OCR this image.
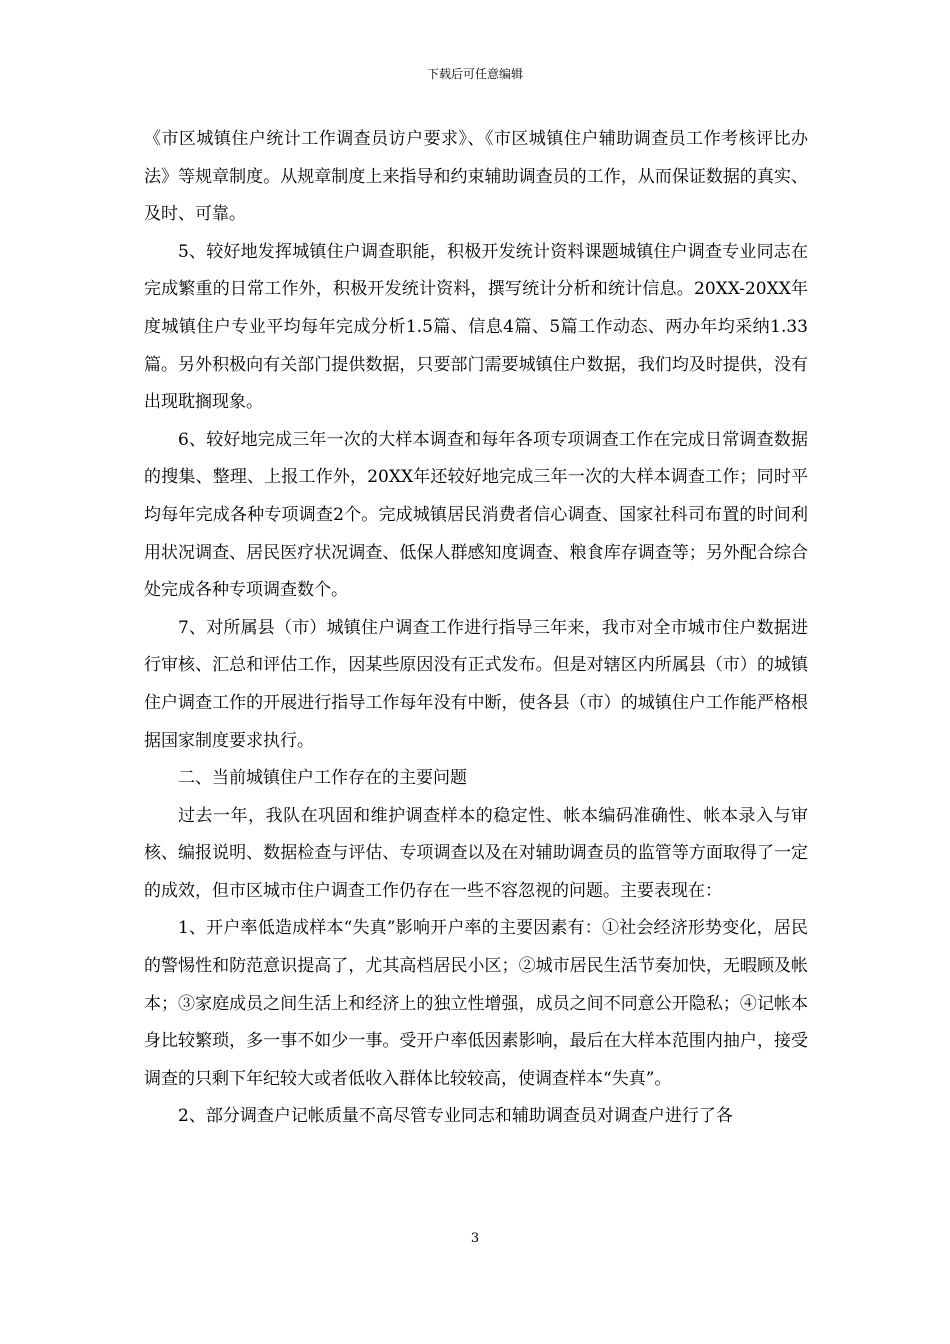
下载后可任意编辑

《市区城镇住户统计工作调查员访户要求》、《市区城镇住户辅助调查员工作考核评比办法》等规章制度。从规章制度上来指导和约束辅助调查员的工作，从而保证数据的真实、及时、可靠。

5、较好地发挥城镇住户调查职能，积极开发统计资料课题城镇住户调查专业同志在完成繁重的日常工作外，积极开发统计资料，撰写统计分析和统计信息。20XX-20XX年度城镇住户专业平均每年完成分析1.5篇、信息4篇、5篇工作动态、两办年均采纳1.33篇。另外积极向有关部门提供数据，只要部门需要城镇住户数据，我们均及时提供，没有出现耽搁现象。

6、较好地完成三年一次的大样本调查和每年各项专项调查工作在完成日常调查数据的搜集、整理、上报工作外，20XX年还较好地完成三年一次的大样本调查工作；同时平均每年完成各种专项调查2个。完成城镇居民消费者信心调查、国家社科司布置的时间利用状况调查、居民医疗状况调查、低保人群感知度调查、粮食库存调查等；另外配合综合处完成各种专项调查数个。

7、对所属县（市）城镇住户调查工作进行指导三年来，我市对全市城市住户数据进行审核、汇总和评估工作，因某些原因没有正式发布。但是对辖区内所属县（市）的城镇住户调查工作的开展进行指导工作每年没有中断，使各县（市）的城镇住户工作能严格根据国家制度要求执行。

二、当前城镇住户工作存在的主要问题

过去一年，我队在巩固和维护调查样本的稳定性、帐本编码准确性、帐本录入与审核、编报说明、数据检查与评估、专项调查以及在对辅助调查员的监管等方面取得了一定的成效，但市区城市住户调查工作仍存在一些不容忽视的问题。主要表现在：

1、开户率低造成样本“失真”影响开户率的主要因素有：①社会经济形势变化，居民的警惕性和防范意识提高了，尤其高档居民小区；②城市居民生活节奏加快，无暇顾及帐本；③家庭成员之间生活上和经济上的独立性增强，成员之间不同意公开隐私；④记帐本身比较繁琐，多一事不如少一事。受开户率低因素影响，最后在大样本范围内抽户，接受调查的只剩下年纪较大或者低收入群体比较较高，使调查样本“失真”。

2、部分调查户记帐质量不高尽管专业同志和辅助调查员对调查户进行了各

3
